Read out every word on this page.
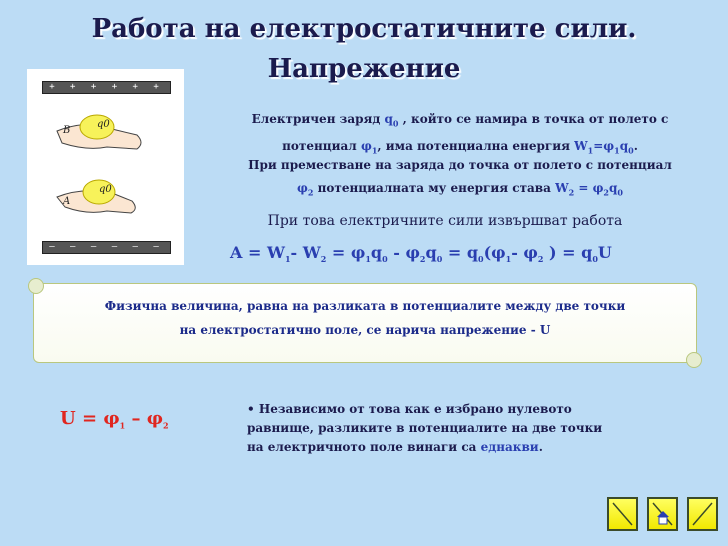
Работа на електростатичните сили.
Напрежение
+ + + + + + + + +
q0
q0
B
A
– – – – – – – – –
Електричен заряд $q_0$ , който се намира в точка от полето с
потенциал $\varphi_1$, има потенциална енергия $W_1=\varphi_1q_0$.
При преместване на заряда до точка от полето с потенциал
$\varphi_2$ потенциалната му енергия става $W_2 = \varphi_2q_0$
При това електричните сили извършват работа
$A = W_1-$ $W_2 = \varphi_1q_0 - \varphi_2q_0 = q_0(\varphi_1-$ $\varphi_2$ ) = $q_0U$
Физична величина, равна на разликата в потенциалите между две точки
на електростатично поле, се нарича напрежение - U
$U = \varphi_1 - \varphi_2$
• Независимо от това как е избрано нулевото
равнище, разликите в потенциалите на две точки
на електричното поле винаги са еднакви.
